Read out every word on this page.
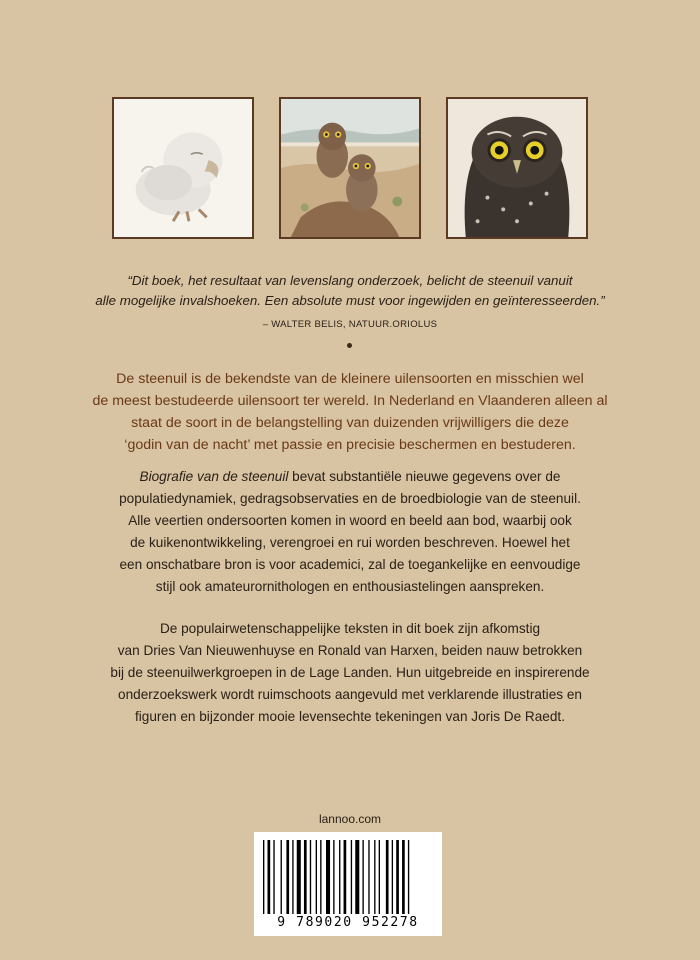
“Dit boek, het resultaat van levenslang onderzoek, belicht de steenuil vanuit
alle mogelijke invalshoeken. Een absolute must voor ingewijden en geïnteresseerden.”
– WALTER BELIS, NATUUR.ORIOLUS
De steenuil is de bekendste van de kleinere uilensoorten en misschien wel
de meest bestudeerde uilensoort ter wereld. In Nederland en Vlaanderen alleen al
staat de soort in de belangstelling van duizenden vrijwilligers die deze
‘godin van de nacht’ met passie en precisie beschermen en bestuderen.
Biografie van de steenuil bevat substantiële nieuwe gegevens over de
populatiedynamiek, gedragsobservaties en de broedbiologie van de steenuil.
Alle veertien ondersoorten komen in woord en beeld aan bod, waarbij ook
de kuikenontwikkeling, verengroei en rui worden beschreven. Hoewel het
een onschatbare bron is voor academici, zal de toegankelijke en eenvoudige
stijl ook amateurornithologen en enthousiastelingen aanspreken.
De populairwetenschappelijke teksten in dit boek zijn afkomstig
van Dries Van Nieuwenhuyse en Ronald van Harxen, beiden nauw betrokken
bij de steenuilwerkgroepen in de Lage Landen. Hun uitgebreide en inspirerende
onderzoekswerk wordt ruimschoots aangevuld met verklarende illustraties en
figuren en bijzonder mooie levensechte tekeningen van Joris De Raedt.
lannoo.com
9 789020 952278
